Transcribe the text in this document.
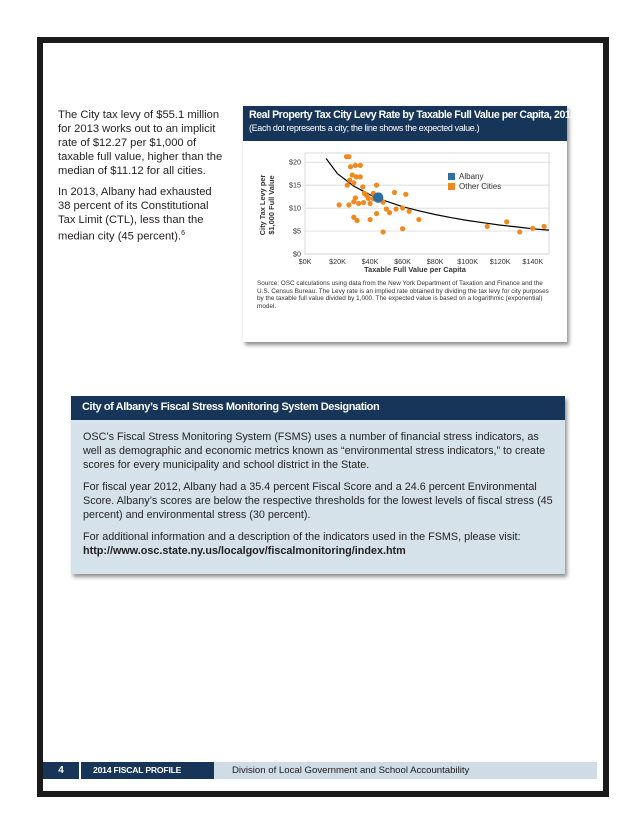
The City tax levy of $55.1 million for 2013 works out to an implicit rate of $12.27 per $1,000 of taxable full value, higher than the median of $11.12 for all cities.

In 2013, Albany had exhausted 38 percent of its Constitutional Tax Limit (CTL), less than the median city (45 percent).$^6$

Real Property Tax City Levy Rate by Taxable Full Value per Capita, 2013
(Each dot represents a city; the line shows the expected value.)
$0
$5
$10
$15
$20
$0K $20K $40K $60K $80K $100K $120K $140K
Albany
Other Cities
Taxable Full Value per Capita
City Tax Levy per $1,000 Full Value
Source: OSC calculations using data from the New York Department of Taxation and Finance and the U.S. Census Bureau. The Levy rate is an implied rate obtained by dividing the tax levy for city purposes by the taxable full value divided by 1,000. The expected value is based on a logarithmic (exponential) model.
City of Albany’s Fiscal Stress Monitoring System Designation

OSC’s Fiscal Stress Monitoring System (FSMS) uses a number of financial stress indicators, as well as demographic and economic metrics known as “environmental stress indicators,” to create scores for every municipality and school district in the State.

For fiscal year 2012, Albany had a 35.4 percent Fiscal Score and a 24.6 percent Environmental Score. Albany’s scores are below the respective thresholds for the lowest levels of fiscal stress (45 percent) and environmental stress (30 percent).

For additional information and a description of the indicators used in the FSMS, please visit:
http://www.osc.state.ny.us/localgov/fiscalmonitoring/index.htm

4	2014 FISCAL PROFILE	Division of Local Government and School Accountability
